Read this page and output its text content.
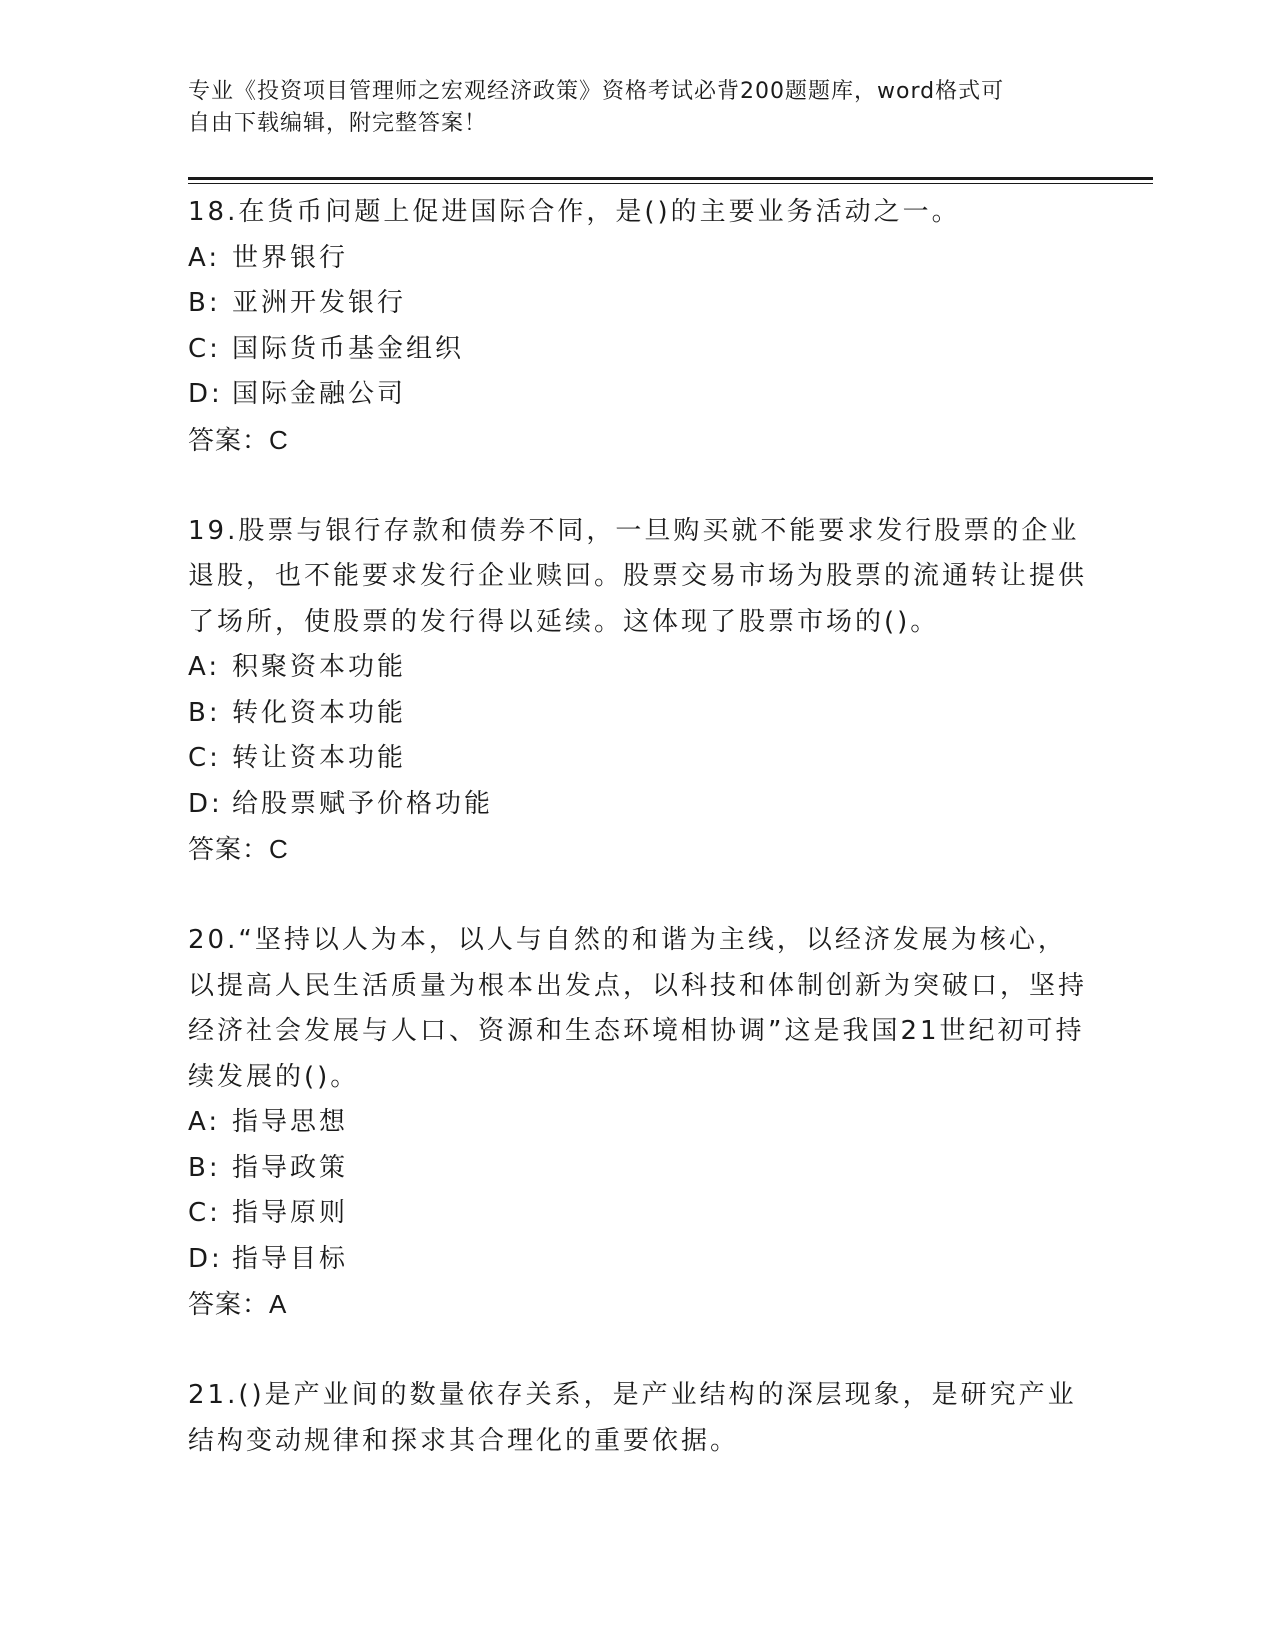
专业《投资项目管理师之宏观经济政策》资格考试必背200题题库，word格式可
自由下载编辑，附完整答案！

18.在货币问题上促进国际合作，是()的主要业务活动之一。

A: 世界银行
B: 亚洲开发银行
C: 国际货币基金组织
D: 国际金融公司
答案：C

19.股票与银行存款和债券不同，一旦购买就不能要求发行股票的企业退股，也不能要求发行企业赎回。股票交易市场为股票的流通转让提供了场所，使股票的发行得以延续。这体现了股票市场的()。

A: 积聚资本功能
B: 转化资本功能
C: 转让资本功能
D: 给股票赋予价格功能
答案：C

20.“坚持以人为本，以人与自然的和谐为主线，以经济发展为核心，以提高人民生活质量为根本出发点，以科技和体制创新为突破口，坚持经济社会发展与人口、资源和生态环境相协调”这是我国21世纪初可持续发展的()。

A: 指导思想
B: 指导政策
C: 指导原则
D: 指导目标
答案：A

21.()是产业间的数量依存关系，是产业结构的深层现象，是研究产业结构变动规律和探求其合理化的重要依据。
